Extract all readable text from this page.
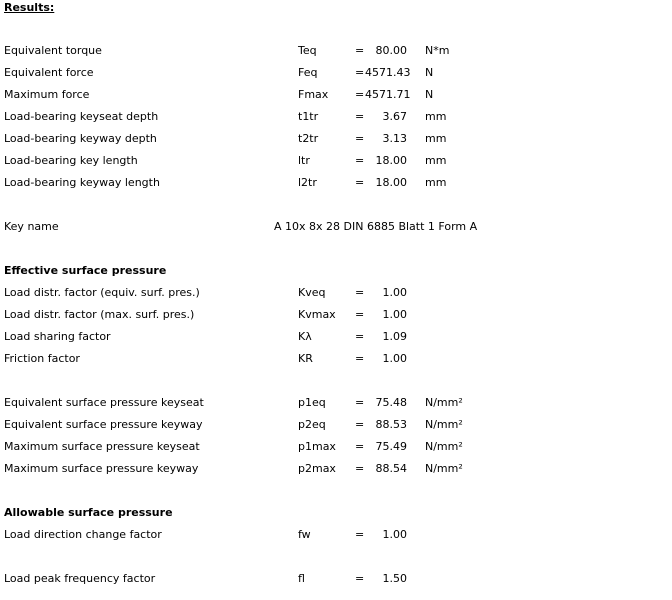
Results:
Equivalent torque	Teq	=	80.00 N*m
Equivalent force	Feq	= 4571.43 N
Maximum force	Fmax = 4571.71 N
Load-bearing keyseat depth	t1tr	=	3.67 mm
Load-bearing keyway depth	t2tr	=	3.13 mm
Load-bearing key length	ltr	=	18.00 mm
Load-bearing keyway length	l2tr	=	18.00 mm
Key name	A 10x 8x 28 DIN 6885 Blatt 1 Form A
Effective surface pressure
Load distr. factor (equiv. surf. pres.)	Kveq	=	1.00
Load distr. factor (max. surf. pres.)	Kvmax =	1.00
Load sharing factor	Kλ	=	1.09
Friction factor	KR	=	1.00
Equivalent surface pressure keyseat	p1eq	=	75.48 N/mm²
Equivalent surface pressure keyway	p2eq	=	88.53 N/mm²
Maximum surface pressure keyseat	p1max =	75.49 N/mm²
Maximum surface pressure keyway	p2max =	88.54 N/mm²
Allowable surface pressure
Load direction change factor	fw	=	1.00
Load peak frequency factor	fl	=	1.50
